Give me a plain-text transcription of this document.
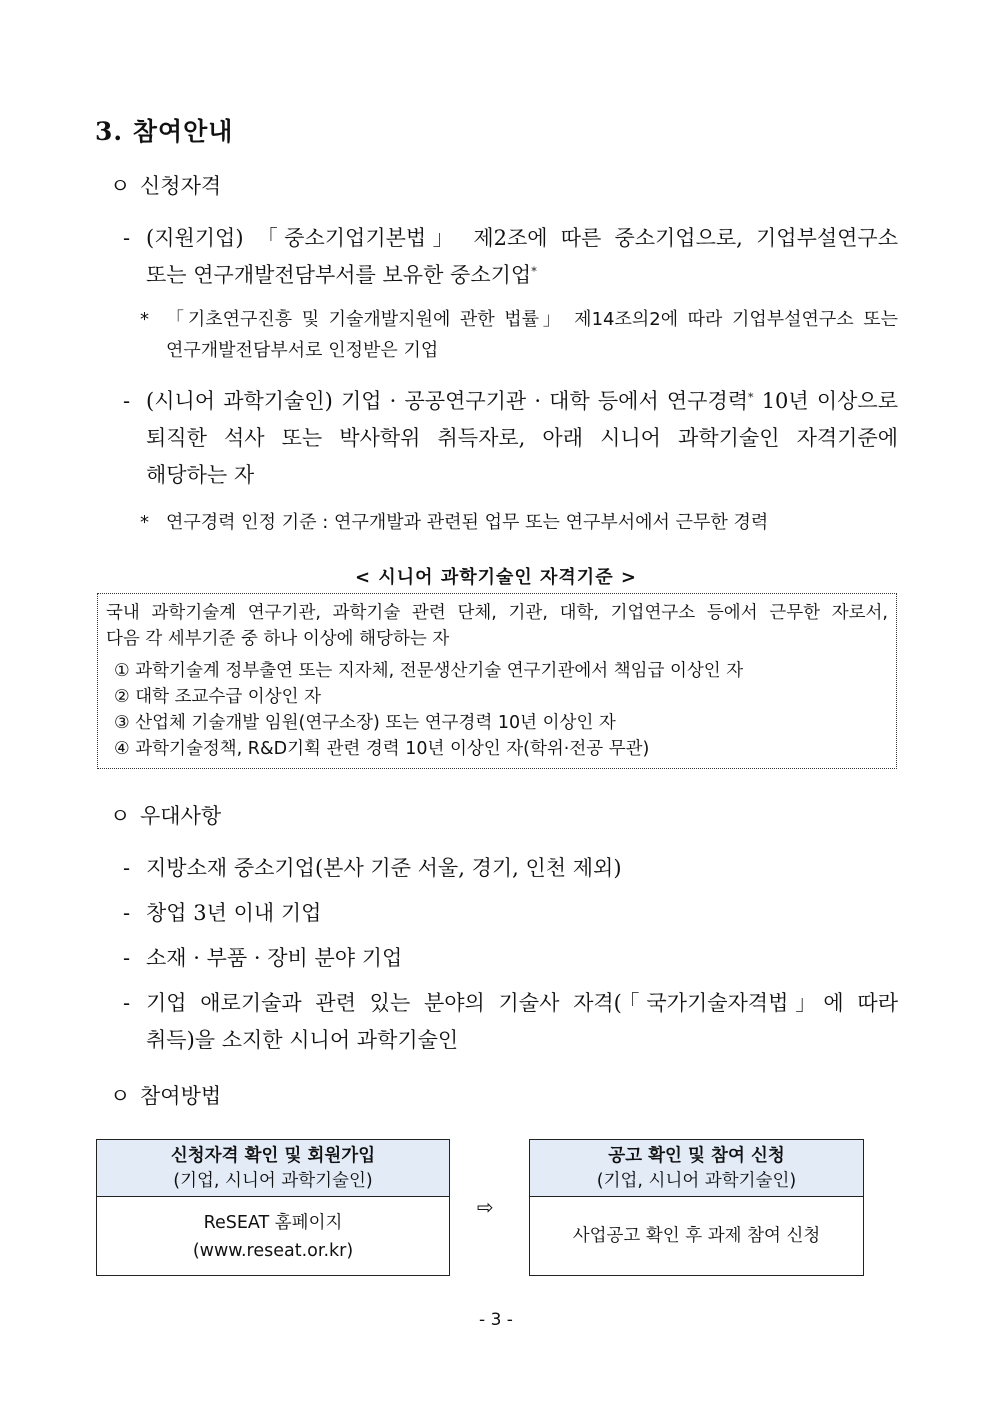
3. 참여안내
ㅇ 신청자격
- (지원기업) 「중소기업기본법」 제2조에 따른 중소기업으로, 기업부설연구소
또는 연구개발전담부서를 보유한 중소기업*
* 「기초연구진흥 및 기술개발지원에 관한 법률」 제14조의2에 따라 기업부설연구소 또는
연구개발전담부서로 인정받은 기업
- (시니어 과학기술인) 기업 · 공공연구기관 · 대학 등에서 연구경력* 10년 이상으로
퇴직한 석사 또는 박사학위 취득자로, 아래 시니어 과학기술인 자격기준에
해당하는 자
* 연구경력 인정 기준 : 연구개발과 관련된 업무 또는 연구부서에서 근무한 경력
< 시니어 과학기술인 자격기준 >
국내 과학기술계 연구기관, 과학기술 관련 단체, 기관, 대학, 기업연구소 등에서 근무한 자로서,
다음 각 세부기준 중 하나 이상에 해당하는 자
① 과학기술계 정부출연 또는 지자체, 전문생산기술 연구기관에서 책임급 이상인 자
② 대학 조교수급 이상인 자
③ 산업체 기술개발 임원(연구소장) 또는 연구경력 10년 이상인 자
④ 과학기술정책, R&D기획 관련 경력 10년 이상인 자(학위·전공 무관)
ㅇ 우대사항
- 지방소재 중소기업(본사 기준 서울, 경기, 인천 제외)
- 창업 3년 이내 기업
- 소재 · 부품 · 장비 분야 기업
- 기업 애로기술과 관련 있는 분야의 기술사 자격(「국가기술자격법」에 따라
취득)을 소지한 시니어 과학기술인
ㅇ 참여방법
신청자격 확인 및 회원가입
(기업, 시니어 과학기술인)
ReSEAT 홈페이지
(www.reseat.or.kr)
⇨
공고 확인 및 참여 신청
(기업, 시니어 과학기술인)
사업공고 확인 후 과제 참여 신청
- 3 -
